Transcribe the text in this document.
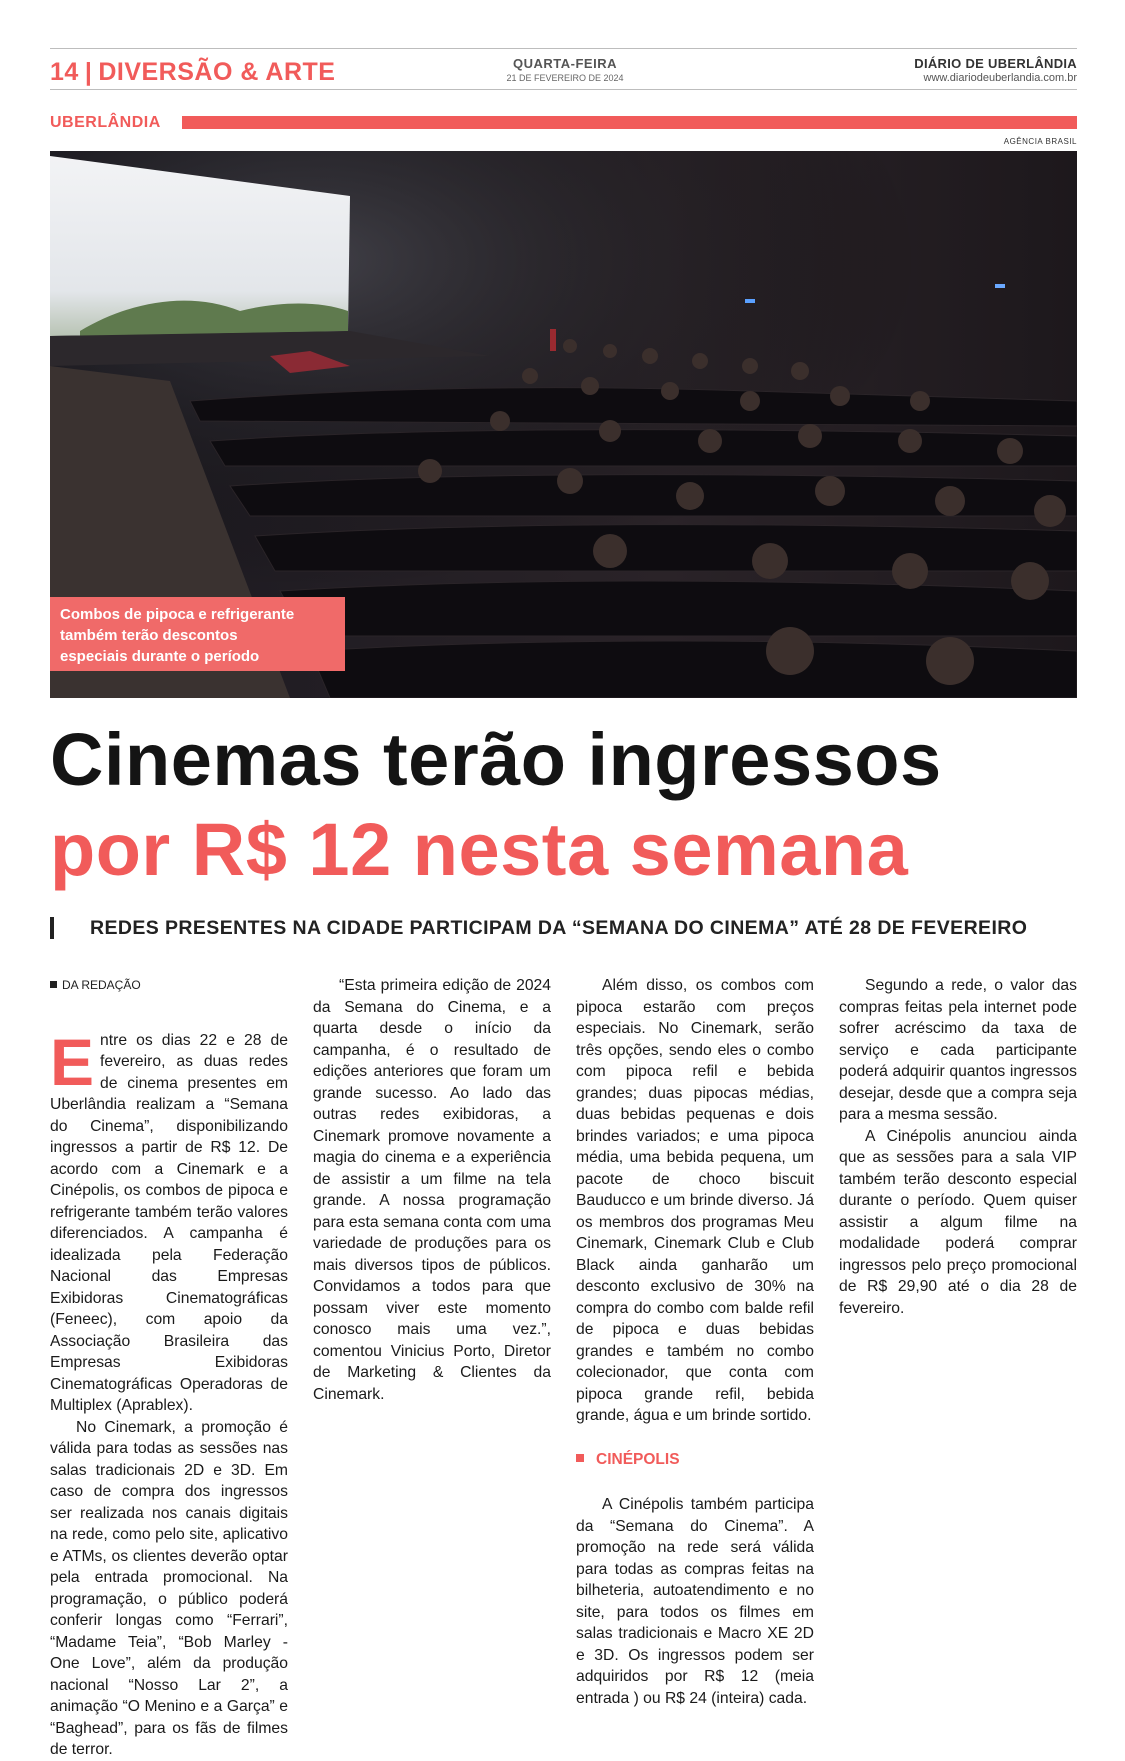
14 | DIVERSÃO & ARTE	QUARTA-FEIRA
21 DE FEVEREIRO DE 2024
DIÁRIO DE UBERLÂNDIA
www.diariodeuberlandia.com.br
UBERLÂNDIA
AGÊNCIA BRASIL
Combos de pipoca e refrigerante
também terão descontos
especiais durante o período
Cinemas terão ingressos
por R$ 12 nesta semana
REDES PRESENTES NA CIDADE PARTICIPAM DA “SEMANA DO CINEMA” ATÉ 28 DE FEVEREIRO
DA REDAÇÃO

Entre os dias 22 e 28 de fevereiro, as duas redes de cinema presentes em Uberlândia realizam a “Semana do Cinema”, disponibilizando ingressos a partir de R$ 12. De acordo com a Cinemark e a Cinépolis, os combos de pipoca e refrigerante também terão valores diferenciados. A campanha é idealizada pela Federação Nacional das Empresas Exibidoras Cinematográficas (Feneec), com apoio da Associação Brasileira das Empresas Exibidoras Cinematográficas Operadoras de Multiplex (Aprablex).

No Cinemark, a promoção é válida para todas as sessões nas salas tradicionais 2D e 3D. Em caso de compra dos ingressos ser realizada nos canais digitais na rede, como pelo site, aplicativo e ATMs, os clientes deverão optar pela entrada promocional. Na programação, o público poderá conferir longas como “Ferrari”, “Madame Teia”, “Bob Marley - One Love”, além da produção nacional “Nosso Lar 2”, a animação “O Menino e a Garça” e “Baghead”, para os fãs de filmes de terror.

Além disso, os combos com pipoca estarão com preços especiais. No Cinemark, serão três opções, sendo eles o combo com pipoca refil e bebida grandes; duas pipocas médias, duas bebidas pequenas e dois brindes variados; e uma pipoca média, uma bebida pequena, um pacote de choco biscuit Bauducco e um brinde diverso. Já os membros dos programas Meu Cinemark, Cinemark Club e Club Black ainda ganharão um desconto exclusivo de 30% na compra do combo com balde refil de pipoca e duas bebidas grandes e também no combo colecionador, que conta com pipoca grande refil, bebida grande, água e um brinde sortido.

CINÉPOLIS

A Cinépolis também participa da “Semana do Cinema”. A promoção na rede será válida para todas as compras feitas na bilheteria, autoatendimento e no site, para todos os filmes em salas tradicionais e Macro XE 2D e 3D. Os ingressos podem ser adquiridos por R$ 12 (meia entrada ) ou R$ 24 (inteira) cada.

“Esta primeira edição de 2024 da Semana do Cinema, e a quarta desde o início da campanha, é o resultado de edições anteriores que foram um grande sucesso. Ao lado das outras redes exibidoras, a Cinemark promove novamente a magia do cinema e a experiência de assistir a um filme na tela grande. A nossa programação para esta semana conta com uma variedade de produções para os mais diversos tipos de públicos. Convidamos a todos para que possam viver este momento conosco mais uma vez.”, comentou Vinicius Porto, Diretor de Marketing & Clientes da Cinemark.

Segundo a rede, o valor das compras feitas pela internet pode sofrer acréscimo da taxa de serviço e cada participante poderá adquirir quantos ingressos desejar, desde que a compra seja para a mesma sessão.

A Cinépolis anunciou ainda que as sessões para a sala VIP também terão desconto especial durante o período. Quem quiser assistir a algum filme na modalidade poderá comprar ingressos pelo preço promocional de R$ 29,90 até o dia 28 de fevereiro.
